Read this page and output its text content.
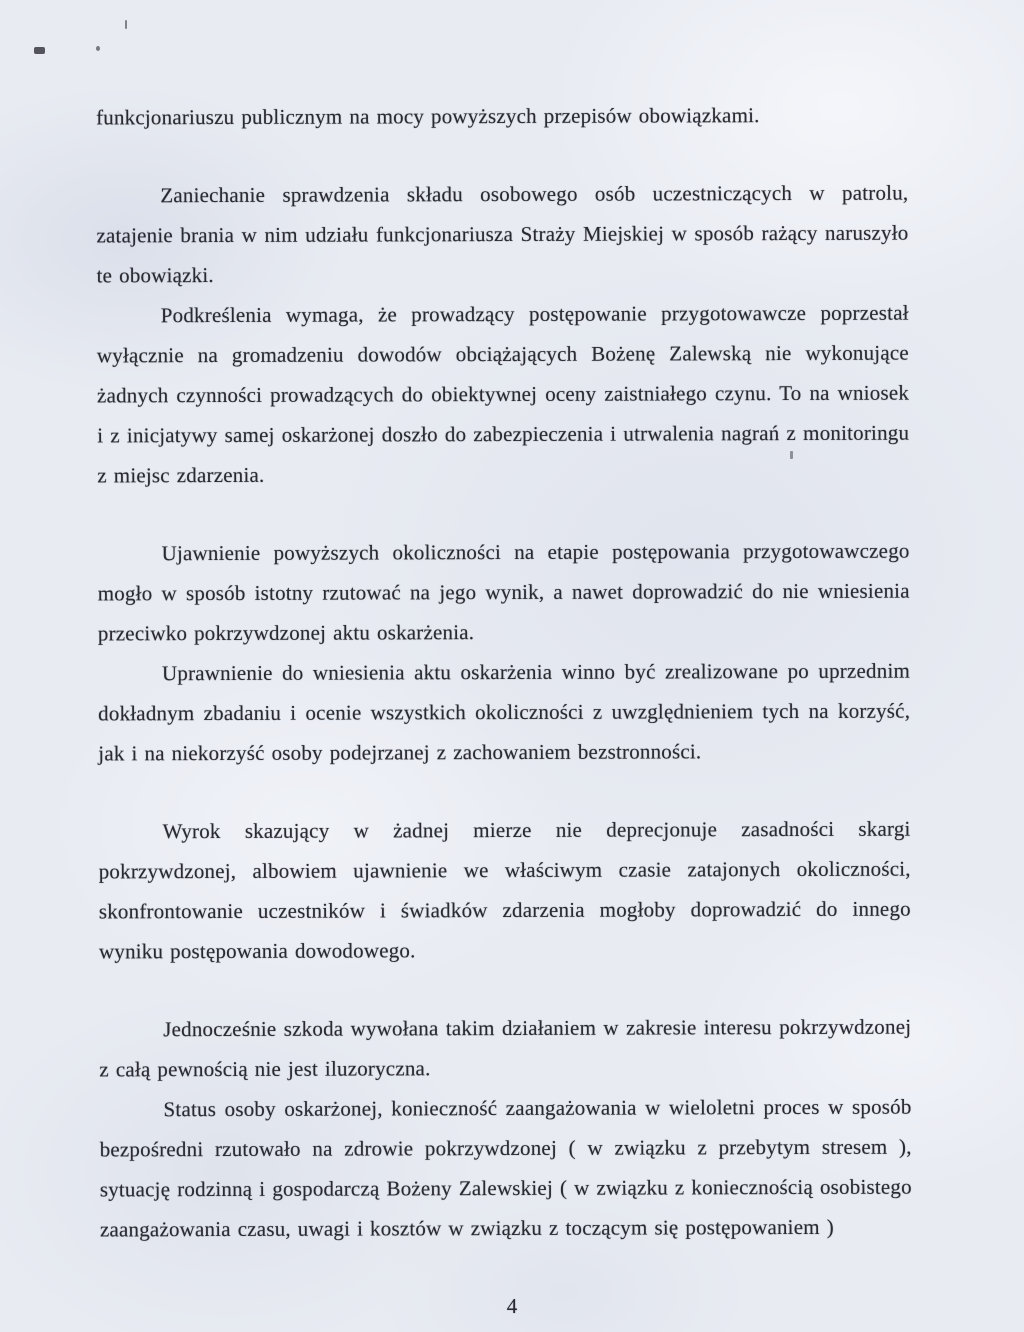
funkcjonariuszu publicznym na mocy powyższych przepisów obowiązkami.

Zaniechanie sprawdzenia składu osobowego osób uczestniczących w patrolu, zatajenie brania w nim udziału funkcjonariusza Straży Miejskiej w sposób rażący naruszyło te obowiązki.

Podkreślenia wymaga, że prowadzący postępowanie przygotowawcze poprzestał wyłącznie na gromadzeniu dowodów obciążających Bożenę Zalewską nie wykonujące żadnych czynności prowadzących do obiektywnej oceny zaistniałego czynu. To na wniosek i z inicjatywy samej oskarżonej doszło do zabezpieczenia i utrwalenia nagrań z monitoringu z miejsc zdarzenia.

Ujawnienie powyższych okoliczności na etapie postępowania przygotowawczego mogło w sposób istotny rzutować na jego wynik, a nawet doprowadzić do nie wniesienia przeciwko pokrzywdzonej aktu oskarżenia.

Uprawnienie do wniesienia aktu oskarżenia winno być zrealizowane po uprzednim dokładnym zbadaniu i ocenie wszystkich okoliczności z uwzględnieniem tych na korzyść, jak i na niekorzyść osoby podejrzanej z zachowaniem bezstronności.

Wyrok skazujący w żadnej mierze nie deprecjonuje zasadności skargi pokrzywdzonej, albowiem ujawnienie we właściwym czasie zatajonych okoliczności, skonfrontowanie uczestników i świadków zdarzenia mogłoby doprowadzić do innego wyniku postępowania dowodowego.

Jednocześnie szkoda wywołana takim działaniem w zakresie interesu pokrzywdzonej z całą pewnością nie jest iluzoryczna.

Status osoby oskarżonej, konieczność zaangażowania w wieloletni proces w sposób bezpośredni rzutowało na zdrowie pokrzywdzonej ( w związku z przebytym stresem ), sytuację rodzinną i gospodarczą Bożeny Zalewskiej ( w związku z koniecznością osobistego zaangażowania czasu, uwagi i kosztów w związku z toczącym się postępowaniem )

4
